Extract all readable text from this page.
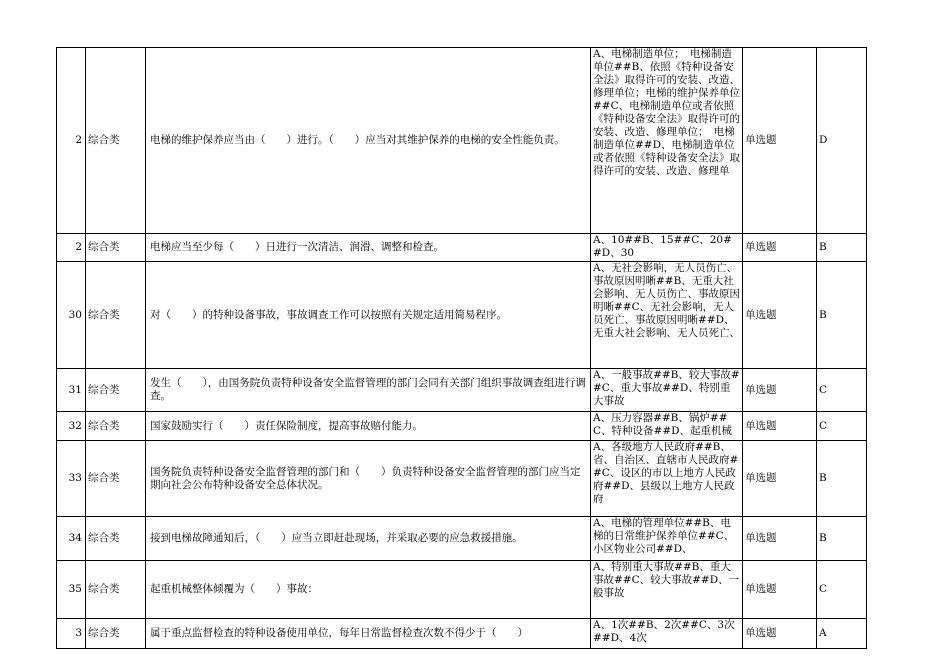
2	综合类	电梯的维护保养应当由（　　）进行。（　　）应当对其维护保养的电梯的安全性能负责。	A、电梯制造单位；　电梯制造单位##B、依照《特种设备安全法》取得许可的安装、改造、修理单位；电梯的维护保养单位##C、电梯制造单位或者依照《特种设备安全法》取得许可的安装、改造、修理单位；　电梯制造单位##D、电梯制造单位或者依照《特种设备安全法》取得许可的安装、改造、修理单	单选题	D
2	综合类	电梯应当至少每（　　）日进行一次清洁、润滑、调整和检查。	A、10##B、15##C、20##D、30	单选题	B
30	综合类	对（　　）的特种设备事故，事故调查工作可以按照有关规定适用简易程序。	A、无社会影响，无人员伤亡、事故原因明晰##B、无重大社会影响、无人员伤亡、事故原因明晰##C、无社会影响，无人员死亡、事故原因明晰##D、无重大社会影响、无人员死亡、	单选题	B
31	综合类	发生（　　），由国务院负责特种设备安全监督管理的部门会同有关部门组织事故调查组进行调查。	A、一般事故##B、较大事故##C、重大事故##D、特别重大事故	单选题	C
32	综合类	国家鼓励实行（　　）责任保险制度，提高事故赔付能力。	A、压力容器##B、锅炉##C、特种设备##D、起重机械	单选题	C
33	综合类	国务院负责特种设备安全监督管理的部门和（　　）负责特种设备安全监督管理的部门应当定期向社会公布特种设备安全总体状况。	A、各级地方人民政府##B、省、自治区、直辖市人民政府##C、设区的市以上地方人民政府##D、县级以上地方人民政府	单选题	B
34	综合类	接到电梯故障通知后，（　　）应当立即赶赴现场，并采取必要的应急救援措施。	A、电梯的管理单位##B、电梯的日常维护保养单位##C、小区物业公司##D、	单选题	B
35	综合类	起重机械整体倾覆为（　　）事故：	A、特别重大事故##B、重大事故##C、较大事故##D、一般事故	单选题	C
3	综合类	属于重点监督检查的特种设备使用单位，每年日常监督检查次数不得少于（　　）	A、1次##B、2次##C、3次##D、4次	单选题	A
